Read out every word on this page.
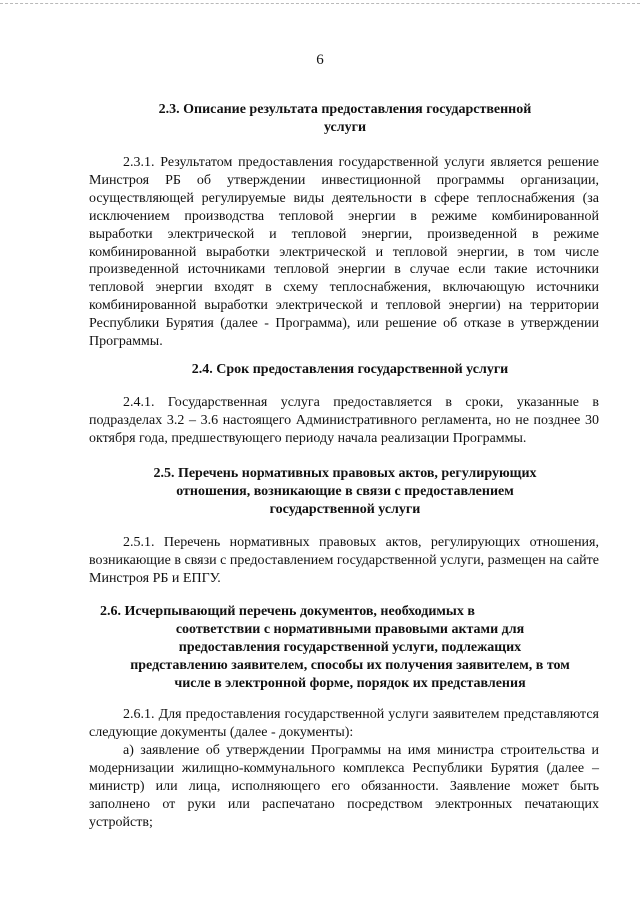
6
2.3. Описание результата предоставления государственной
услуги
2.3.1. Результатом предоставления государственной услуги является решение Минстроя РБ об утверждении инвестиционной программы организации, осуществляющей регулируемые виды деятельности в сфере теплоснабжения (за исключением производства тепловой энергии в режиме комбинированной выработки электрической и тепловой энергии, произведенной в режиме комбинированной выработки электрической и тепловой энергии, в том числе произведенной источниками тепловой энергии в случае если такие источники тепловой энергии входят в схему теплоснабжения, включающую источники комбинированной выработки электрической и тепловой энергии) на территории Республики Бурятия (далее - Программа), или решение об отказе в утверждении Программы.
2.4. Срок предоставления государственной услуги
2.4.1. Государственная услуга предоставляется в сроки, указанные в подразделах 3.2 – 3.6 настоящего Административного регламента, но не позднее 30 октября года, предшествующего периоду начала реализации Программы.
2.5. Перечень нормативных правовых актов, регулирующих
отношения, возникающие в связи с предоставлением
государственной услуги
2.5.1. Перечень нормативных правовых актов, регулирующих отношения, возникающие в связи с предоставлением государственной услуги, размещен на сайте Минстроя РБ и ЕПГУ.
2.6. Исчерпывающий перечень документов, необходимых в
соответствии с нормативными правовыми актами для
предоставления государственной услуги, подлежащих
представлению заявителем, способы их получения заявителем, в том
числе в электронной форме, порядок их представления
2.6.1. Для предоставления государственной услуги заявителем представляются следующие документы (далее - документы):
а) заявление об утверждении Программы на имя министра строительства и модернизации жилищно-коммунального комплекса Республики Бурятия (далее – министр) или лица, исполняющего его обязанности. Заявление может быть заполнено от руки или распечатано посредством электронных печатающих устройств;
